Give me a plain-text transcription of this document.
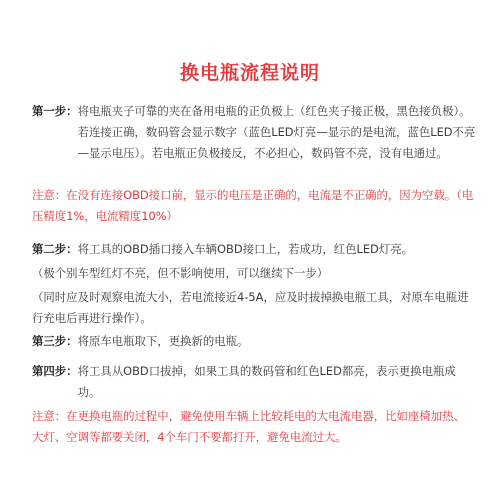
换电瓶流程说明
第一步： 将电瓶夹子可靠的夹在备用电瓶的正负极上（红色夹子接正极，黑色接负极）。若连接正确，数码管会显示数字（蓝色LED灯亮—显示的是电流，蓝色LED不亮—显示电压）。若电瓶正负极接反，不必担心，数码管不亮，没有电通过。
注意：在没有连接OBD接口前，显示的电压是正确的，电流是不正确的，因为空载。（电压精度1%，电流精度10%）
第二步： 将工具的OBD插口接入车辆OBD接口上，若成功，红色LED灯亮。
（极个别车型红灯不亮，但不影响使用，可以继续下一步）
（同时应及时观察电流大小，若电流接近4-5A，应及时拔掉换电瓶工具，对原车电瓶进行充电后再进行操作）。
第三步： 将原车电瓶取下，更换新的电瓶。
第四步： 将工具从OBD口拔掉，如果工具的数码管和红色LED都亮，表示更换电瓶成功。
注意：在更换电瓶的过程中，避免使用车辆上比较耗电的大电流电器，比如座椅加热、大灯、空调等都要关闭，4个车门不要都打开，避免电流过大。
